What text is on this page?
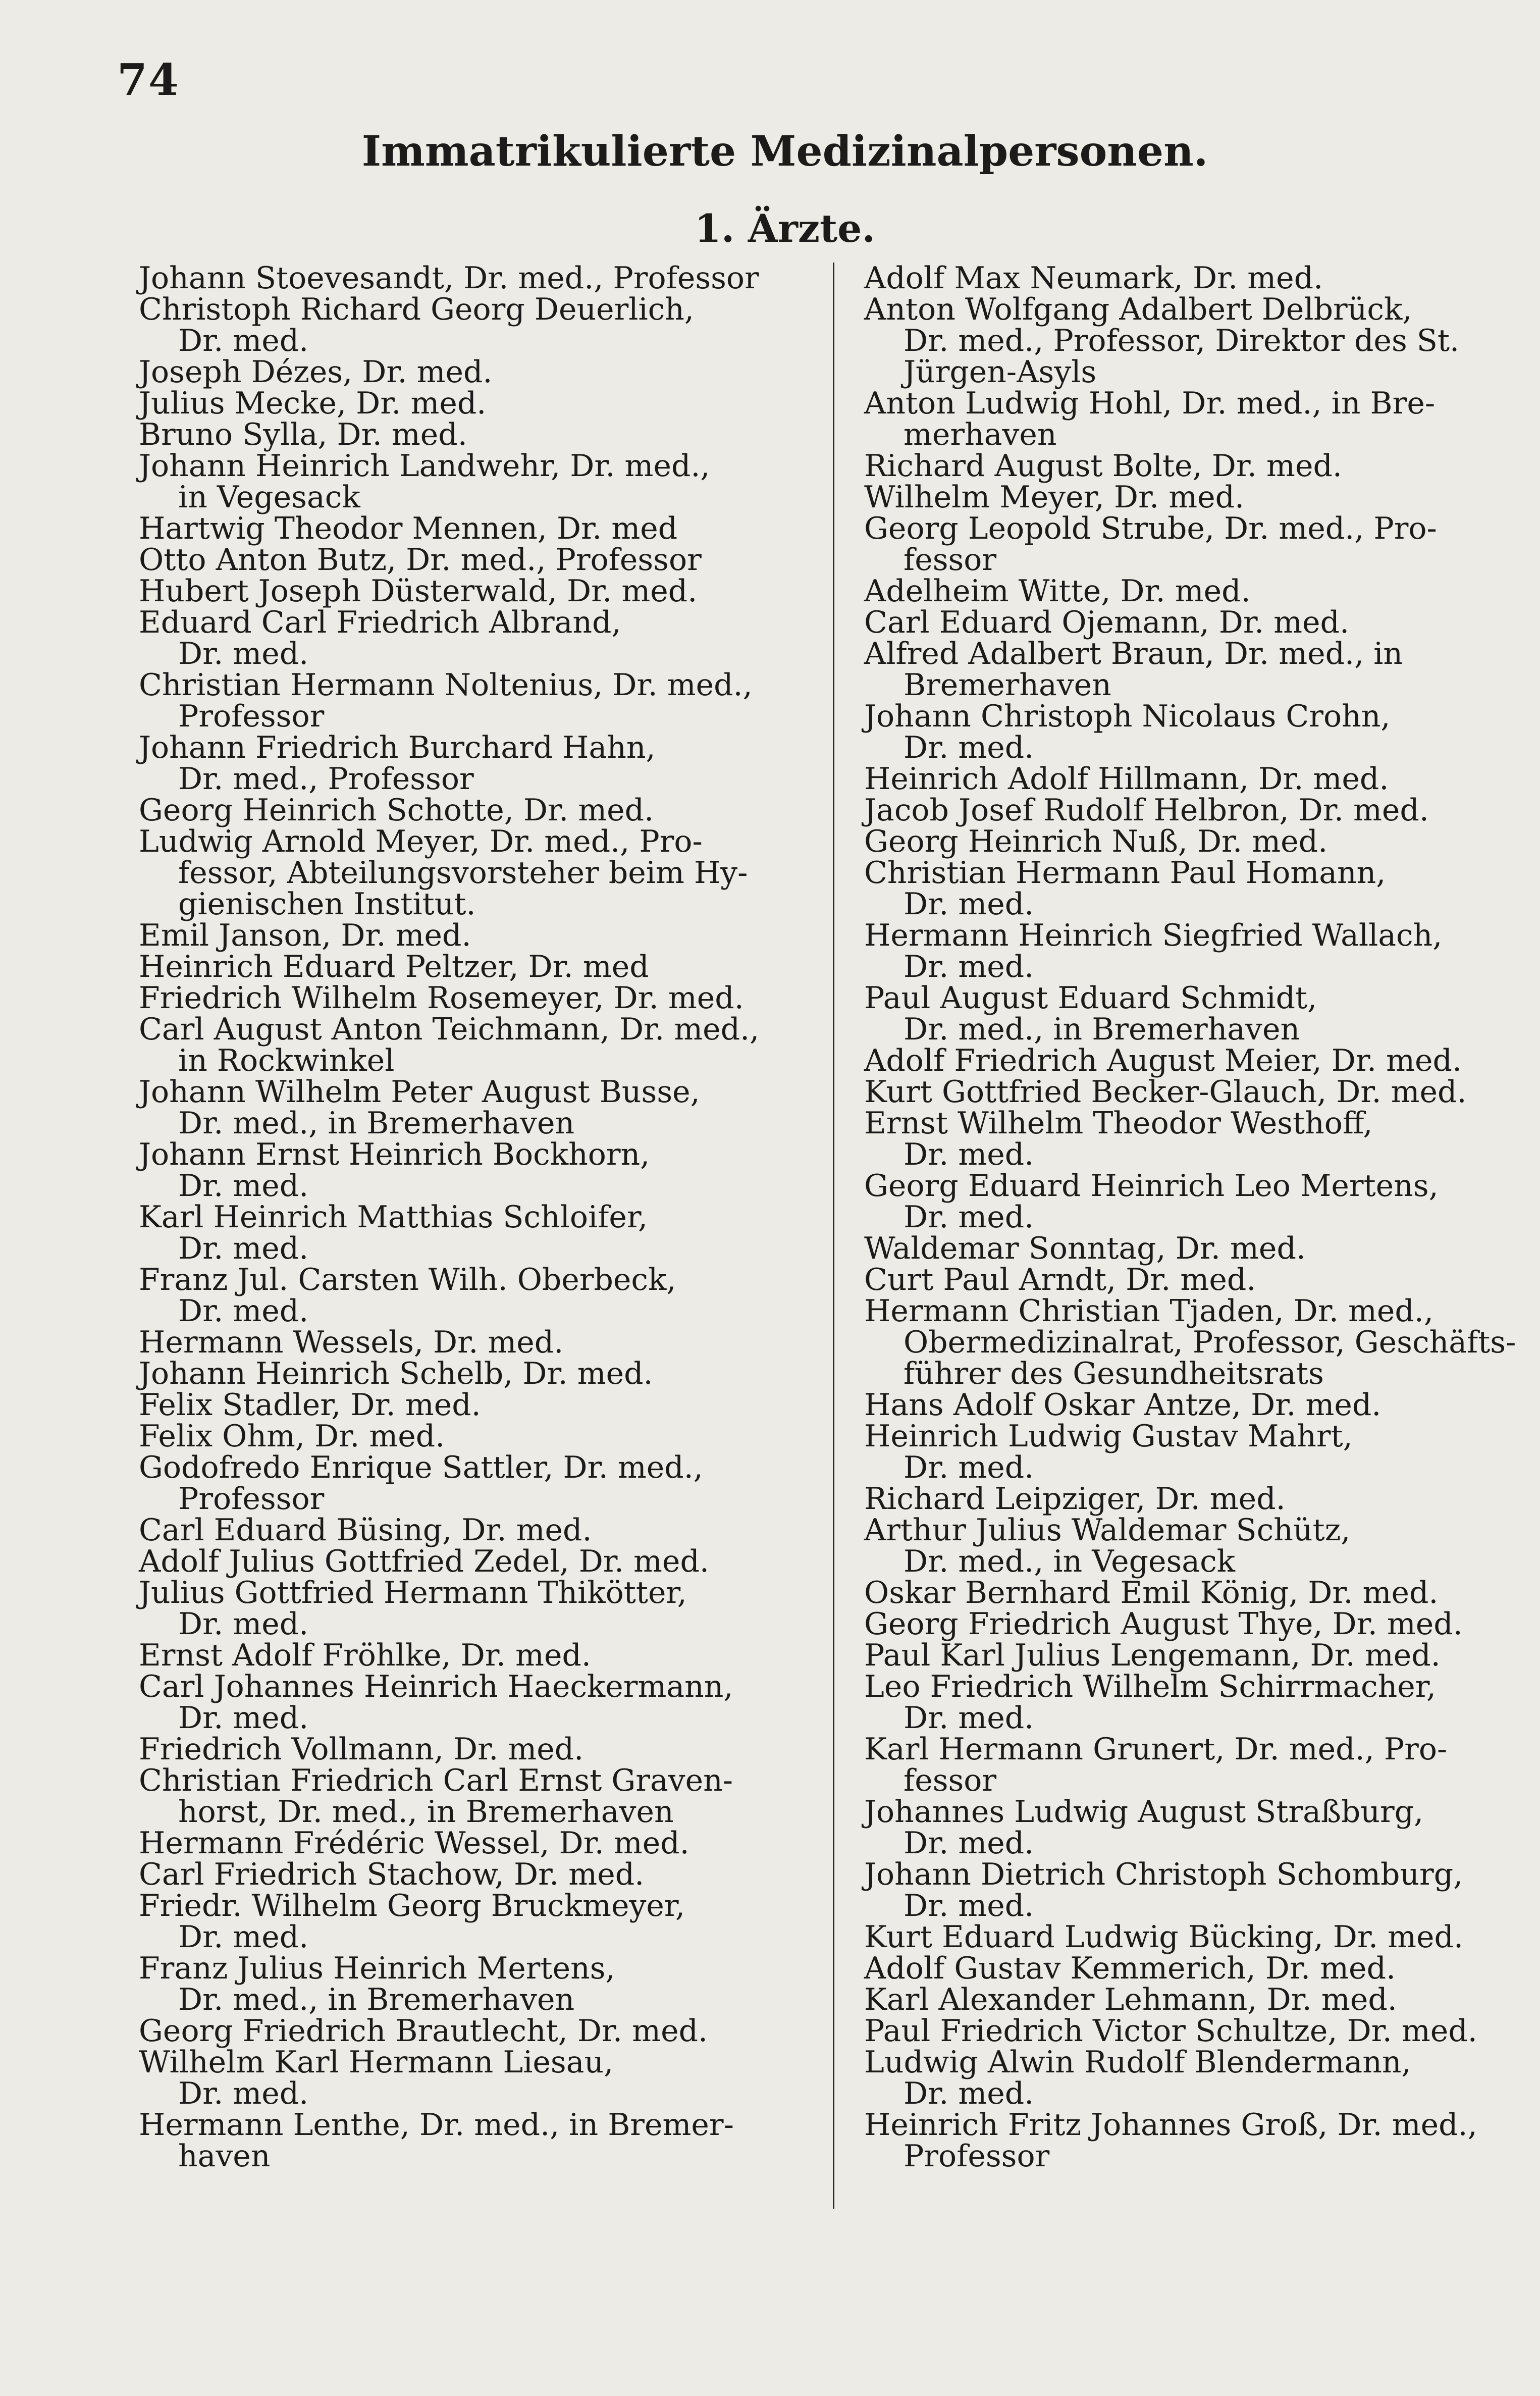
74
Immatrikulierte Medizinalpersonen.
1. Ärzte.
Johann Stoevesandt, Dr. med., Professor
Christoph Richard Georg Deuerlich,
Dr. med.
Joseph Dézes, Dr. med.
Julius Mecke, Dr. med.
Bruno Sylla, Dr. med.
Johann Heinrich Landwehr, Dr. med.,
in Vegesack
Hartwig Theodor Mennen, Dr. med
Otto Anton Butz, Dr. med., Professor
Hubert Joseph Düsterwald, Dr. med.
Eduard Carl Friedrich Albrand,
Dr. med.
Christian Hermann Noltenius, Dr. med.,
Professor
Johann Friedrich Burchard Hahn,
Dr. med., Professor
Georg Heinrich Schotte, Dr. med.
Ludwig Arnold Meyer, Dr. med., Pro-
fessor, Abteilungsvorsteher beim Hy-
gienischen Institut.
Emil Janson, Dr. med.
Heinrich Eduard Peltzer, Dr. med
Friedrich Wilhelm Rosemeyer, Dr. med.
Carl August Anton Teichmann, Dr. med.,
in Rockwinkel
Johann Wilhelm Peter August Busse,
Dr. med., in Bremerhaven
Johann Ernst Heinrich Bockhorn,
Dr. med.
Karl Heinrich Matthias Schloifer,
Dr. med.
Franz Jul. Carsten Wilh. Oberbeck,
Dr. med.
Hermann Wessels, Dr. med.
Johann Heinrich Schelb, Dr. med.
Felix Stadler, Dr. med.
Felix Ohm, Dr. med.
Godofredo Enrique Sattler, Dr. med.,
Professor
Carl Eduard Büsing, Dr. med.
Adolf Julius Gottfried Zedel, Dr. med.
Julius Gottfried Hermann Thikötter,
Dr. med.
Ernst Adolf Fröhlke, Dr. med.
Carl Johannes Heinrich Haeckermann,
Dr. med.
Friedrich Vollmann, Dr. med.
Christian Friedrich Carl Ernst Graven-
horst, Dr. med., in Bremerhaven
Hermann Frédéric Wessel, Dr. med.
Carl Friedrich Stachow, Dr. med.
Friedr. Wilhelm Georg Bruckmeyer,
Dr. med.
Franz Julius Heinrich Mertens,
Dr. med., in Bremerhaven
Georg Friedrich Brautlecht, Dr. med.
Wilhelm Karl Hermann Liesau,
Dr. med.
Hermann Lenthe, Dr. med., in Bremer-
haven
Adolf Max Neumark, Dr. med.
Anton Wolfgang Adalbert Delbrück,
Dr. med., Professor, Direktor des St.
Jürgen-Asyls
Anton Ludwig Hohl, Dr. med., in Bre-
merhaven
Richard August Bolte, Dr. med.
Wilhelm Meyer, Dr. med.
Georg Leopold Strube, Dr. med., Pro-
fessor
Adelheim Witte, Dr. med.
Carl Eduard Ojemann, Dr. med.
Alfred Adalbert Braun, Dr. med., in
Bremerhaven
Johann Christoph Nicolaus Crohn,
Dr. med.
Heinrich Adolf Hillmann, Dr. med.
Jacob Josef Rudolf Helbron, Dr. med.
Georg Heinrich Nuß, Dr. med.
Christian Hermann Paul Homann,
Dr. med.
Hermann Heinrich Siegfried Wallach,
Dr. med.
Paul August Eduard Schmidt,
Dr. med., in Bremerhaven
Adolf Friedrich August Meier, Dr. med.
Kurt Gottfried Becker-Glauch, Dr. med.
Ernst Wilhelm Theodor Westhoff,
Dr. med.
Georg Eduard Heinrich Leo Mertens,
Dr. med.
Waldemar Sonntag, Dr. med.
Curt Paul Arndt, Dr. med.
Hermann Christian Tjaden, Dr. med.,
Obermedizinalrat, Professor, Geschäfts-
führer des Gesundheitsrats
Hans Adolf Oskar Antze, Dr. med.
Heinrich Ludwig Gustav Mahrt,
Dr. med.
Richard Leipziger, Dr. med.
Arthur Julius Waldemar Schütz,
Dr. med., in Vegesack
Oskar Bernhard Emil König, Dr. med.
Georg Friedrich August Thye, Dr. med.
Paul Karl Julius Lengemann, Dr. med.
Leo Friedrich Wilhelm Schirrmacher,
Dr. med.
Karl Hermann Grunert, Dr. med., Pro-
fessor
Johannes Ludwig August Straßburg,
Dr. med.
Johann Dietrich Christoph Schomburg,
Dr. med.
Kurt Eduard Ludwig Bücking, Dr. med.
Adolf Gustav Kemmerich, Dr. med.
Karl Alexander Lehmann, Dr. med.
Paul Friedrich Victor Schultze, Dr. med.
Ludwig Alwin Rudolf Blendermann,
Dr. med.
Heinrich Fritz Johannes Groß, Dr. med.,
Professor
